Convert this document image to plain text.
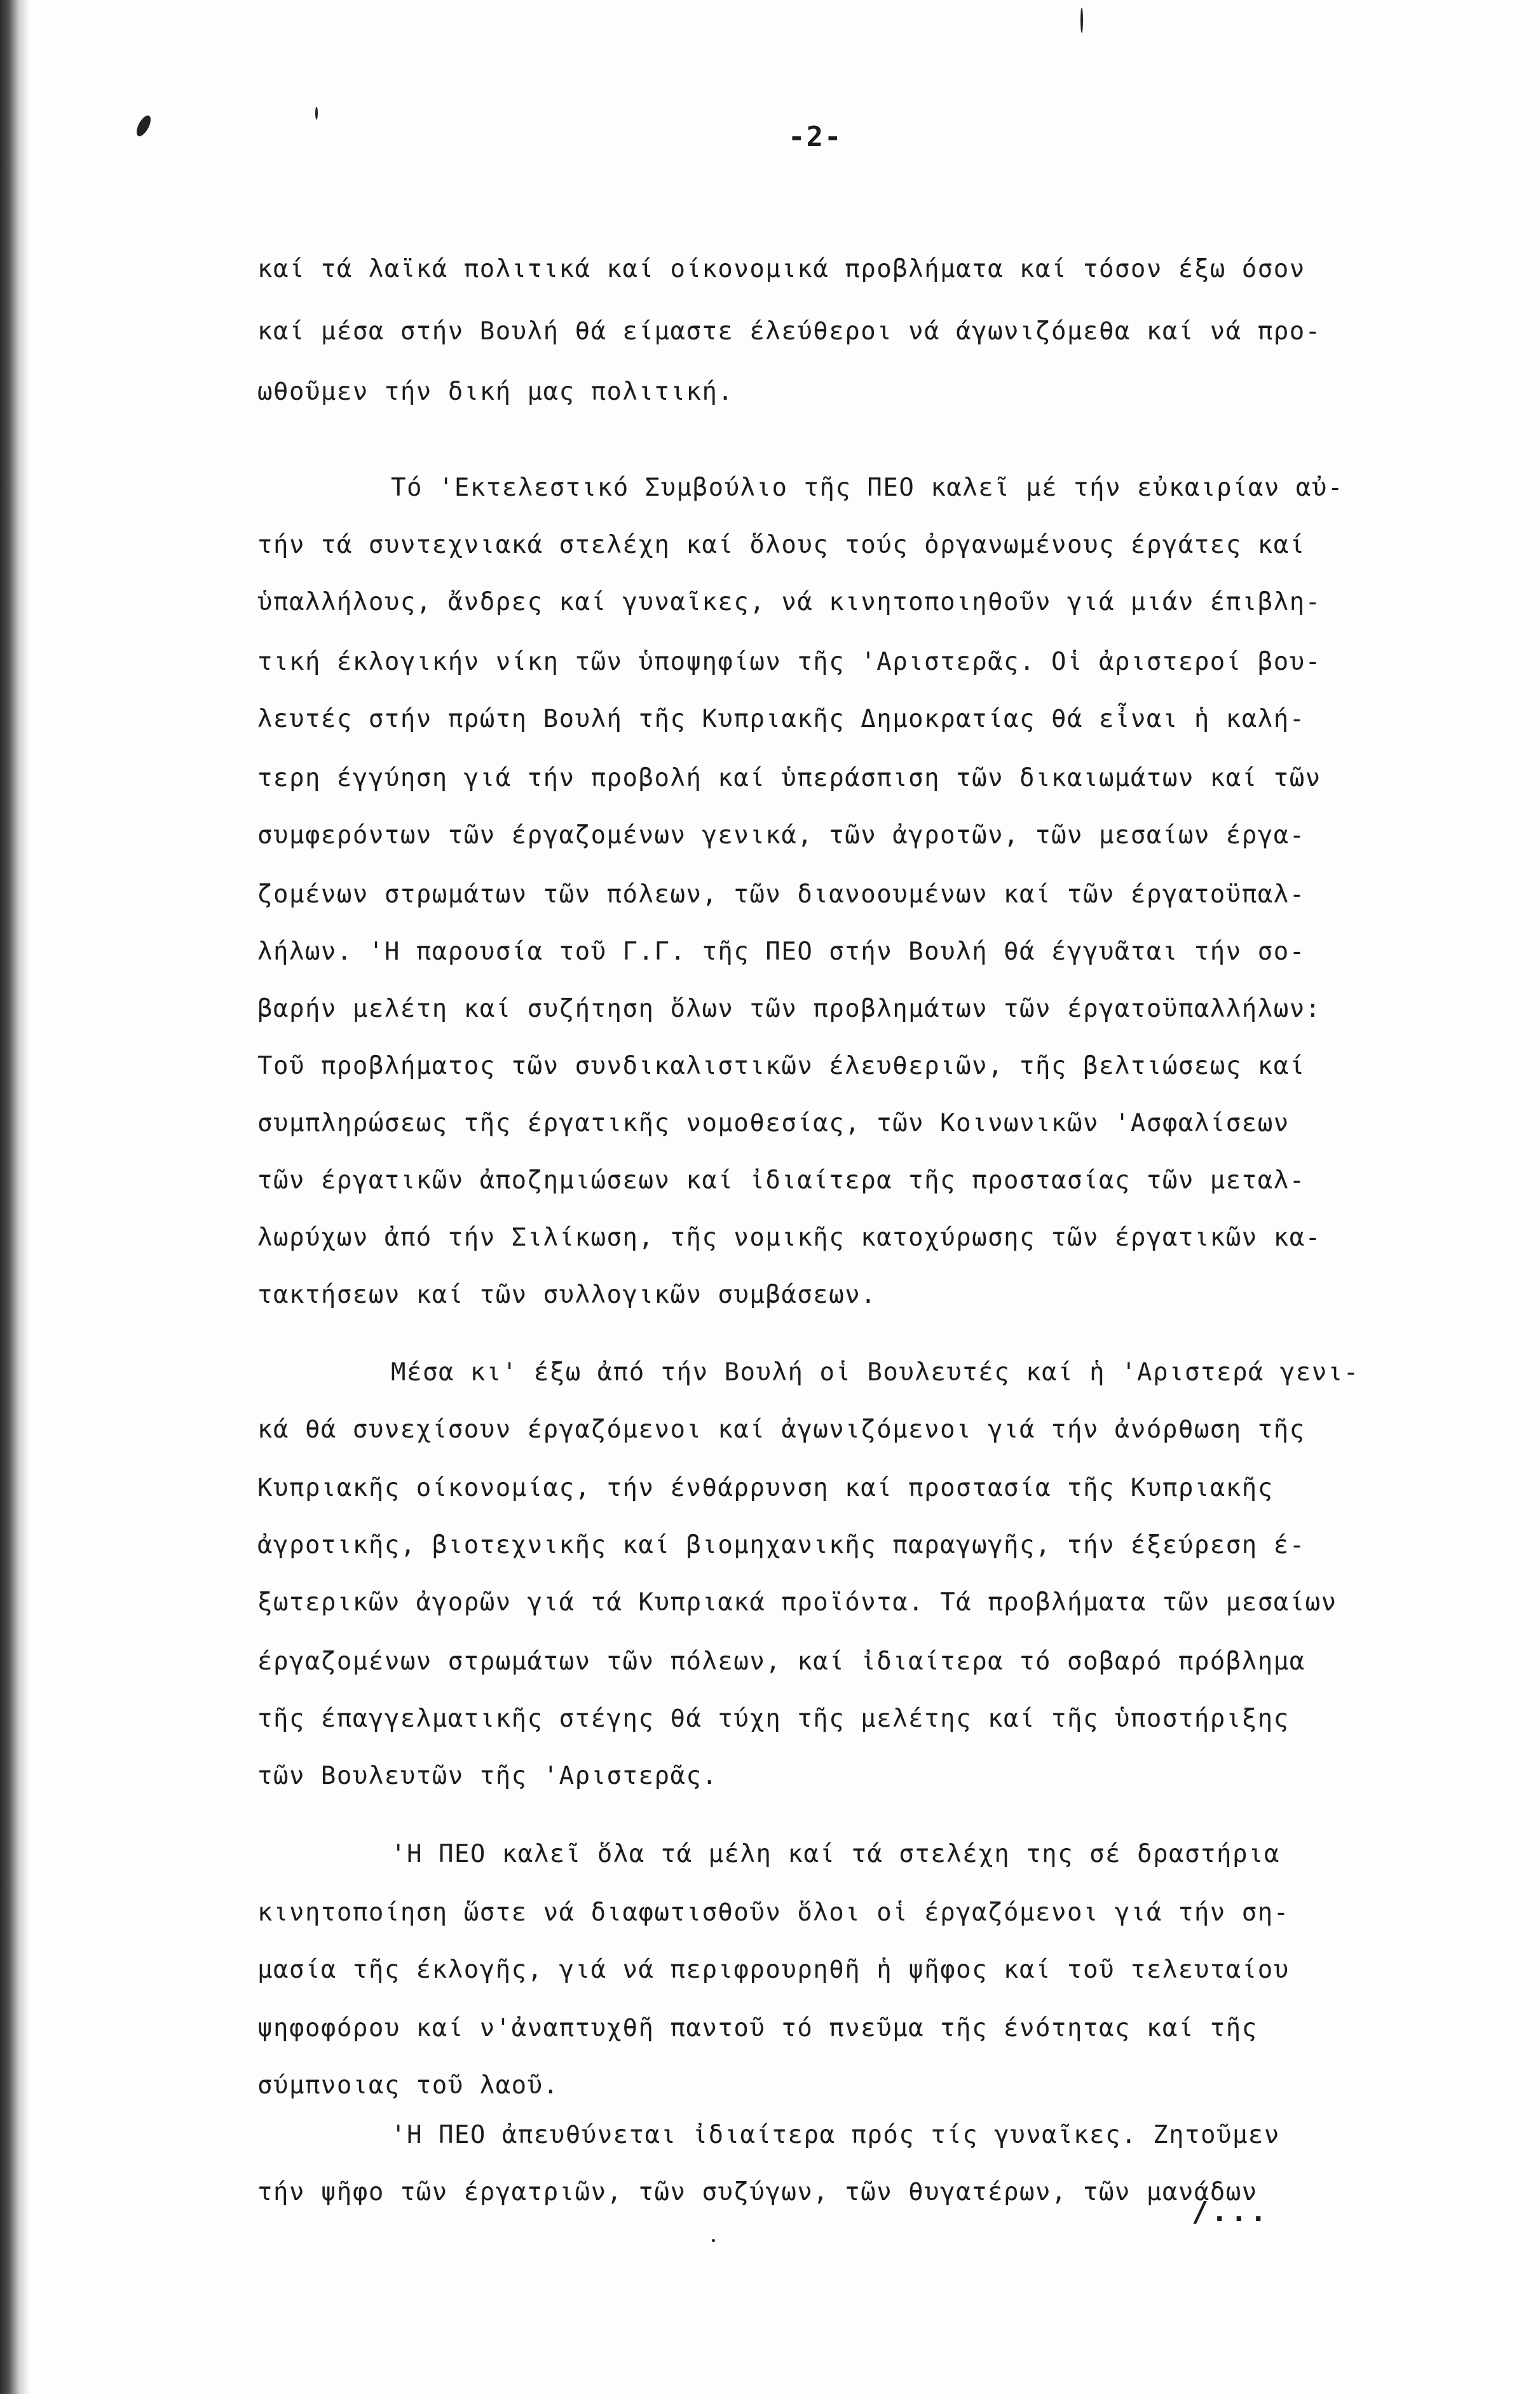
-2-
καί τά λαϊκά πολιτικά καί οίκονομικά προβλήματα καί τόσον έξω όσον
καί μέσα στήν Βουλή θά είμαστε έλεύθεροι νά άγωνιζόμεθα καί νά προ-
ωθοῦμεν τήν δική μας πολιτική.
Τό 'Εκτελεστικό Συμβούλιο τῆς ΠΕΟ καλεῖ μέ τήν εὐκαιρίαν αὐ-
τήν τά συντεχνιακά στελέχη καί ὅλους τούς ὀργανωμένους έργάτες καί
ὑπαλλήλους, ἄνδρες καί γυναῖκες, νά κινητοποιηθοῦν γιά μιάν έπιβλη-
τική έκλογικήν νίκη τῶν ὑποψηφίων τῆς 'Αριστερᾶς. Οἱ ἀριστεροί βου-
λευτές στήν πρώτη Βουλή τῆς Κυπριακῆς Δημοκρατίας θά εἶναι ἡ καλή-
τερη έγγύηση γιά τήν προβολή καί ὑπεράσπιση τῶν δικαιωμάτων καί τῶν
συμφερόντων τῶν έργαζομένων γενικά, τῶν ἀγροτῶν, τῶν μεσαίων έργα-
ζομένων στρωμάτων τῶν πόλεων, τῶν διανοουμένων καί τῶν έργατοϋπαλ-
λήλων. 'Η παρουσία τοῦ Γ.Γ. τῆς ΠΕΟ στήν Βουλή θά έγγυᾶται τήν σο-
βαρήν μελέτη καί συζήτηση ὅλων τῶν προβλημάτων τῶν έργατοϋπαλλήλων:
Τοῦ προβλήματος τῶν συνδικαλιστικῶν έλευθεριῶν, τῆς βελτιώσεως καί
συμπληρώσεως τῆς έργατικῆς νομοθεσίας, τῶν Κοινωνικῶν 'Ασφαλίσεων
τῶν έργατικῶν ἀποζημιώσεων καί ἰδιαίτερα τῆς προστασίας τῶν μεταλ-
λωρύχων ἀπό τήν Σιλίκωση, τῆς νομικῆς κατοχύρωσης τῶν έργατικῶν κα-
τακτήσεων καί τῶν συλλογικῶν συμβάσεων.
Μέσα κι' έξω ἀπό τήν Βουλή οἱ Βουλευτές καί ἡ 'Αριστερά γενι-
κά θά συνεχίσουν έργαζόμενοι καί ἀγωνιζόμενοι γιά τήν ἀνόρθωση τῆς
Κυπριακῆς οίκονομίας, τήν ένθάρρυνση καί προστασία τῆς Κυπριακῆς
ἀγροτικῆς, βιοτεχνικῆς καί βιομηχανικῆς παραγωγῆς, τήν έξεύρεση έ-
ξωτερικῶν ἀγορῶν γιά τά Κυπριακά προϊόντα. Τά προβλήματα τῶν μεσαίων
έργαζομένων στρωμάτων τῶν πόλεων, καί ἰδιαίτερα τό σοβαρό πρόβλημα
τῆς έπαγγελματικῆς στέγης θά τύχη τῆς μελέτης καί τῆς ὑποστήριξης
τῶν Βουλευτῶν τῆς 'Αριστερᾶς.
'Η ΠΕΟ καλεῖ ὅλα τά μέλη καί τά στελέχη της σέ δραστήρια
κινητοποίηση ὥστε νά διαφωτισθοῦν ὅλοι οἱ έργαζόμενοι γιά τήν ση-
μασία τῆς έκλογῆς, γιά νά περιφρουρηθῆ ἡ ψῆφος καί τοῦ τελευταίου
ψηφοφόρου καί ν'ἀναπτυχθῆ παντοῦ τό πνεῦμα τῆς ένότητας καί τῆς
σύμπνοιας τοῦ λαοῦ.
'Η ΠΕΟ ἀπευθύνεται ἰδιαίτερα πρός τίς γυναῖκες. Ζητοῦμεν
τήν ψῆφο τῶν έργατριῶν, τῶν συζύγων, τῶν θυγατέρων, τῶν μανάδων
/...
